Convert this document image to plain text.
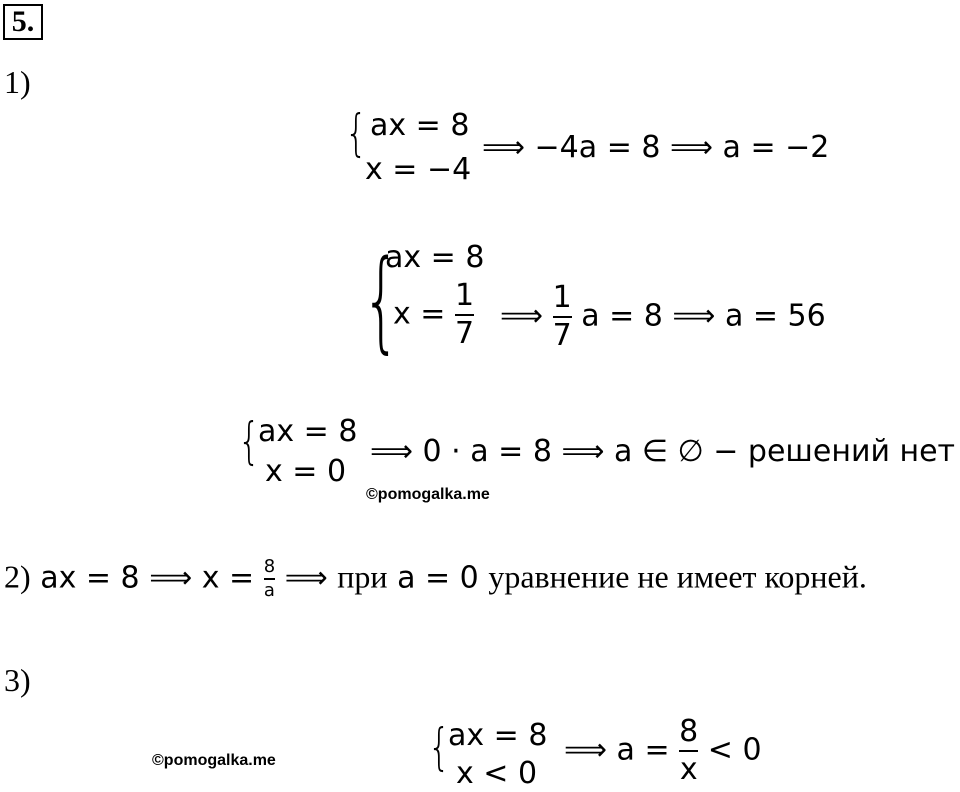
5.
1)
{ ax = 8
x = −4
⟹ −4a = 8 ⟹ a = −2
{
ax = 8
$x = \frac{1}{7}$ ⟹ $\frac{1}{7}$ a = 8 ⟹ a = 56
{
ax = 8
x = 0
⟹ 0 · a = 8 ⟹ a ∈ ∅ − решений нет
©pomogalka.me
2) ax = 8 ⟹ $x = \frac{8}{a}$ ⟹ при a = 0 уравнение не имеет корней.
3)
{
ax = 8
x < 0
⟹ $a = \frac{8}{x} < 0$
©pomogalka.me
